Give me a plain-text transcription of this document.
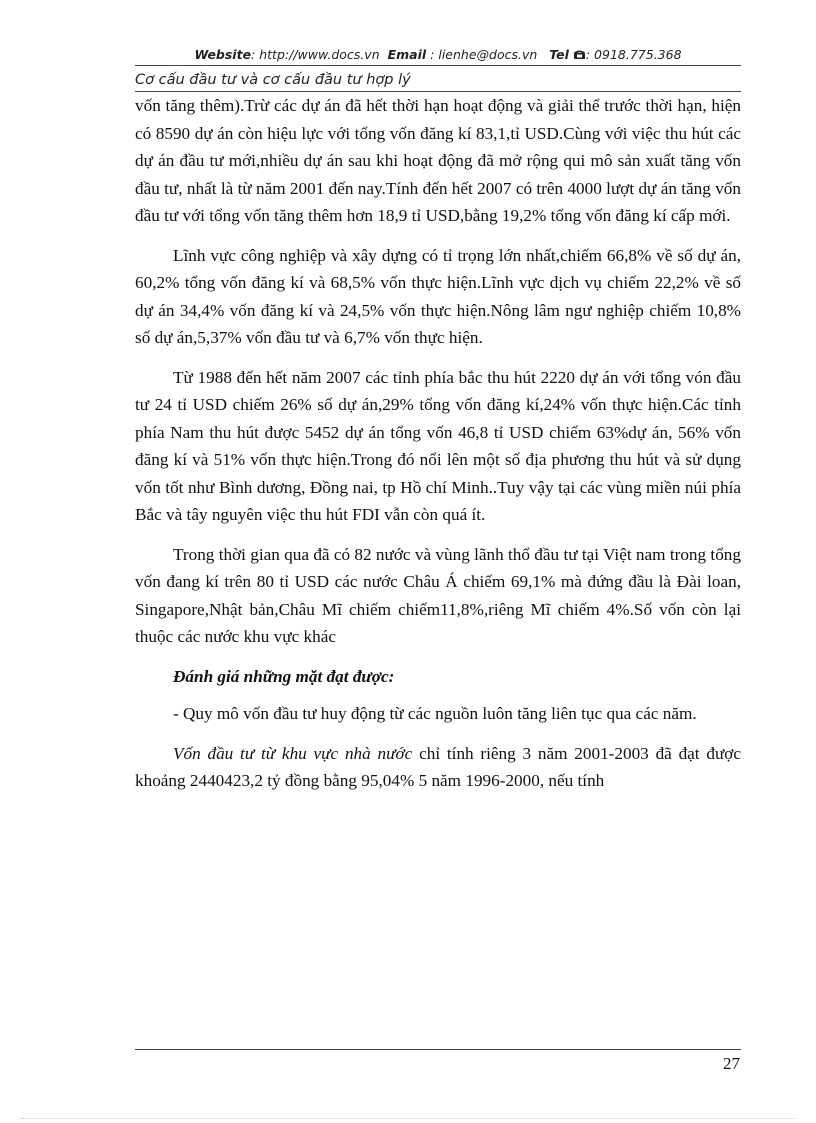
Website: http://www.docs.vn Email : lienhe@docs.vn Tel : 0918.775.368
Cơ cấu đầu tư và cơ cấu đầu tư hợp lý

vốn tăng thêm).Trừ các dự án đã hết thời hạn hoạt động và giải thể trước thời hạn, hiện có 8590 dự án còn hiệu lực với tổng vốn đăng kí 83,1,tỉ USD.Cùng với việc thu hút các dự án đầu tư mới,nhiều dự án sau khi hoạt động đã mở rộng qui mô sản xuất tăng vốn đầu tư, nhất là từ năm 2001 đến nay.Tính đến hết 2007 có trên 4000 lượt dự án tăng vốn đầu tư với tổng vốn tăng thêm hơn 18,9 tỉ USD,bằng 19,2% tổng vốn đăng kí cấp mới.

Lĩnh vực công nghiệp và xây dựng có tỉ trọng lớn nhất,chiếm 66,8% về số dự án, 60,2% tổng vốn đăng kí và 68,5% vốn thực hiện.Lĩnh vực dịch vụ chiếm 22,2% về số dự án 34,4% vốn đăng kí và 24,5% vốn thực hiện.Nông lâm ngư nghiệp chiếm 10,8% số dự án,5,37% vốn đầu tư và 6,7% vốn thực hiện.

Từ 1988 đến hết năm 2007 các tỉnh phía bắc thu hút 2220 dự án với tổng vón đầu tư 24 tỉ USD chiếm 26% số dự án,29% tổng vốn đăng kí,24% vốn thực hiện.Các tỉnh phía Nam thu hút được 5452 dự án tổng vốn 46,8 tỉ USD chiếm 63%dự án, 56% vốn đăng kí và 51% vốn thực hiện.Trong đó nổi lên một số địa phương thu hút và sử dụng vốn tốt như Bình dương, Đồng nai, tp Hồ chí Minh..Tuy vậy tại các vùng miền núi phía Bắc và tây nguyên việc thu hút FDI vẫn còn quá ít.

Trong thời gian qua đã có 82 nước và vùng lãnh thổ đầu tư tại Việt nam trong tổng vốn đang kí trên 80 tỉ USD các nước Châu Á chiếm 69,1% mà đứng đầu là Đài loan, Singapore,Nhật bản,Châu Mĩ chiếm chiếm11,8%,riêng Mĩ chiếm 4%.Số vốn còn lại thuộc các nước khu vực khác

Đánh giá những mặt đạt được:

- Quy mô vốn đầu tư huy động từ các nguồn luôn tăng liên tục qua các năm.

Vốn đầu tư từ khu vực nhà nước chỉ tính riêng 3 năm 2001-2003 đã đạt được khoảng 2440423,2 tỷ đồng bằng 95,04% 5 năm 1996-2000, nếu tính

27
